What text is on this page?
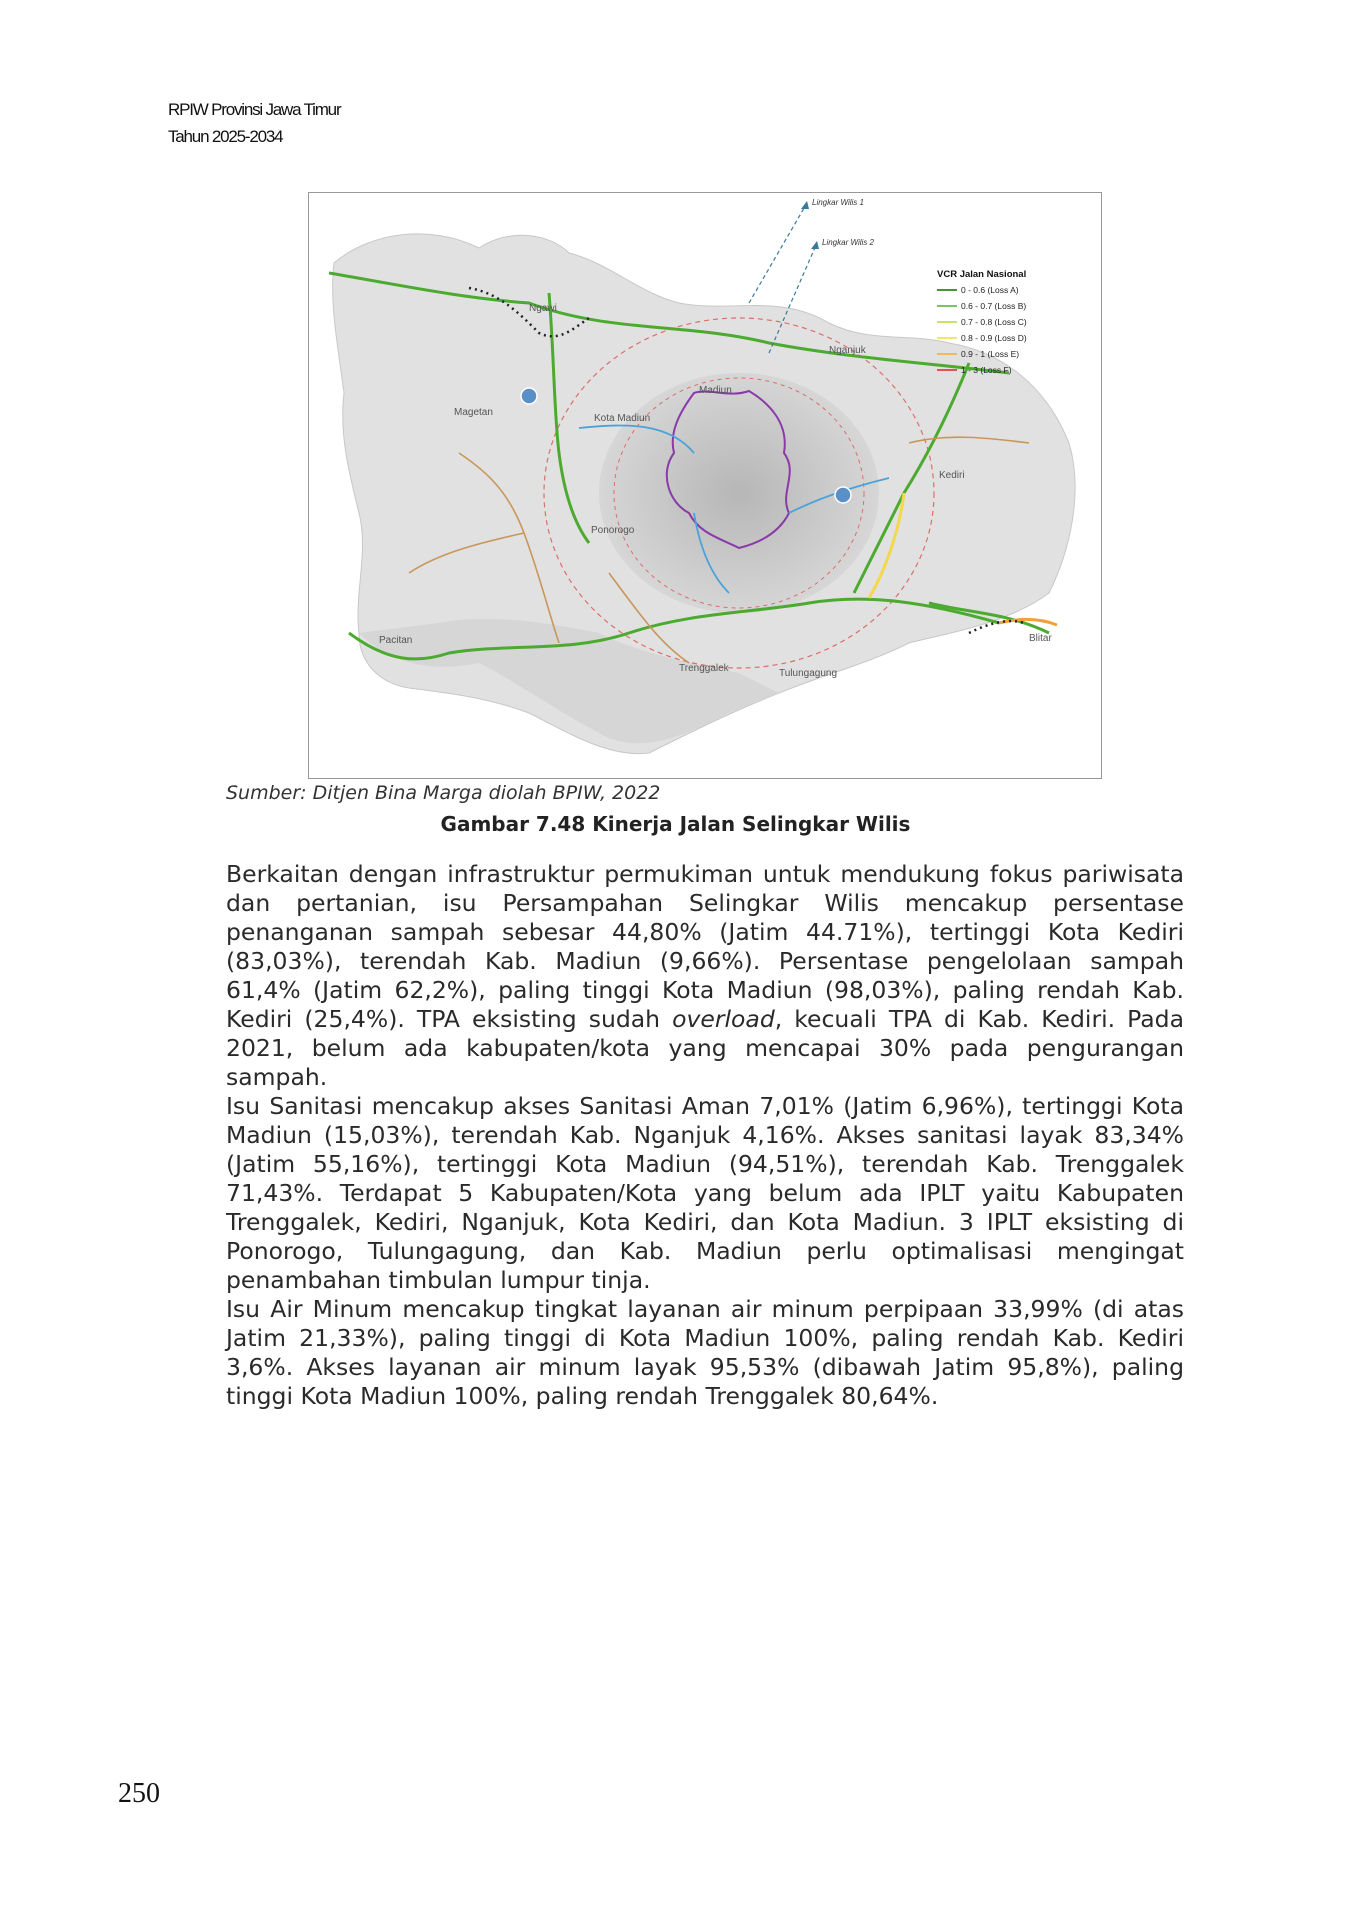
RPIW Provinsi Jawa Timur
Tahun 2025-2034
Lingkar Wilis 1
Lingkar Wilis 2
Ngawi
Nganjuk
Madiun
Magetan
Kota Madiun
Kediri
Ponorogo
Pacitan
Trenggalek	Tulungagung
Blitar
VCR Jalan Nasional
0 - 0.6 (Loss A)
0.6 - 0.7 (Loss B)
0.7 - 0.8 (Loss C)
0.8 - 0.9 (Loss D)
0.9 - 1 (Loss E)
1 - 3 (Loss F)
Sumber: Ditjen Bina Marga diolah BPIW, 2022
Gambar 7.48 Kinerja Jalan Selingkar Wilis

Berkaitan dengan infrastruktur permukiman untuk mendukung fokus pariwisata dan pertanian, isu Persampahan Selingkar Wilis mencakup persentase penanganan sampah sebesar 44,80% (Jatim 44.71%), tertinggi Kota Kediri (83,03%), terendah Kab. Madiun (9,66%). Persentase pengelolaan sampah 61,4% (Jatim 62,2%), paling tinggi Kota Madiun (98,03%), paling rendah Kab. Kediri (25,4%). TPA eksisting sudah overload, kecuali TPA di Kab. Kediri. Pada 2021, belum ada kabupaten/kota yang mencapai 30% pada pengurangan sampah.

Isu Sanitasi mencakup akses Sanitasi Aman 7,01% (Jatim 6,96%), tertinggi Kota Madiun (15,03%), terendah Kab. Nganjuk 4,16%. Akses sanitasi layak 83,34% (Jatim 55,16%), tertinggi Kota Madiun (94,51%), terendah Kab. Trenggalek 71,43%. Terdapat 5 Kabupaten/Kota yang belum ada IPLT yaitu Kabupaten Trenggalek, Kediri, Nganjuk, Kota Kediri, dan Kota Madiun. 3 IPLT eksisting di Ponorogo, Tulungagung, dan Kab. Madiun perlu optimalisasi mengingat penambahan timbulan lumpur tinja.

Isu Air Minum mencakup tingkat layanan air minum perpipaan 33,99% (di atas Jatim 21,33%), paling tinggi di Kota Madiun 100%, paling rendah Kab. Kediri 3,6%. Akses layanan air minum layak 95,53% (dibawah Jatim 95,8%), paling tinggi Kota Madiun 100%, paling rendah Trenggalek 80,64%.

250
